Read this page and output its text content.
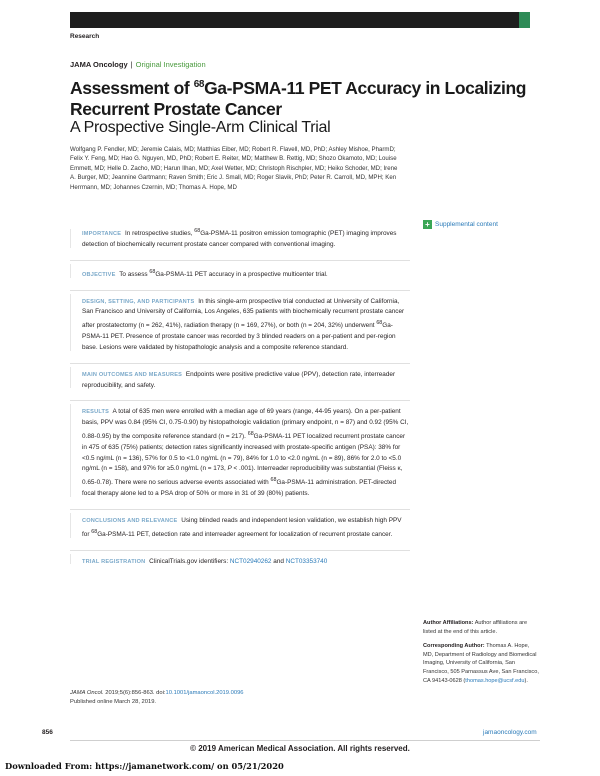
Research
JAMA Oncology | Original Investigation
Assessment of $^{68}$Ga-PSMA-11 PET Accuracy in Localizing
Recurrent Prostate Cancer
A Prospective Single-Arm Clinical Trial
Wolfgang P. Fendler, MD; Jeremie Calais, MD; Matthias Eiber, MD; Robert R. Flavell, MD, PhD; Ashley Mishoe, PharmD; Felix Y. Feng, MD; Hao G. Nguyen, MD, PhD; Robert E. Reiter, MD; Matthew B. Rettig, MD; Shozo Okamoto, MD; Louise Emmett, MD; Helle D. Zacho, MD; Harun Ilhan, MD; Axel Wetter, MD; Christoph Rischpler, MD; Heiko Schoder, MD; Irene A. Burger, MD; Jeannine Gartmann; Raven Smith; Eric J. Small, MD; Roger Slavik, PhD; Peter R. Carroll, MD, MPH; Ken Herrmann, MD; Johannes Czernin, MD; Thomas A. Hope, MD
+ Supplemental content

IMPORTANCE In retrospective studies, $^{68}$Ga-PSMA-11 positron emission tomographic (PET) imaging improves detection of biochemically recurrent prostate cancer compared with conventional imaging.

OBJECTIVE To assess $^{68}$Ga-PSMA-11 PET accuracy in a prospective multicenter trial.

DESIGN, SETTING, AND PARTICIPANTS In this single-arm prospective trial conducted at University of California, San Francisco and University of California, Los Angeles, 635 patients with biochemically recurrent prostate cancer after prostatectomy (n = 262, 41%), radiation therapy (n = 169, 27%), or both (n = 204, 32%) underwent $^{68}$Ga-PSMA-11 PET. Presence of prostate cancer was recorded by 3 blinded readers on a per-patient and per-region base. Lesions were validated by histopathologic analysis and a composite reference standard.

MAIN OUTCOMES AND MEASURES Endpoints were positive predictive value (PPV), detection rate, interreader reproducibility, and safety.

RESULTS A total of 635 men were enrolled with a median age of 69 years (range, 44-95 years). On a per-patient basis, PPV was 0.84 (95% CI, 0.75-0.90) by histopathologic validation (primary endpoint, n = 87) and 0.92 (95% CI, 0.88-0.95) by the composite reference standard (n = 217). $^{68}$Ga-PSMA-11 PET localized recurrent prostate cancer in 475 of 635 (75%) patients; detection rates significantly increased with prostate-specific antigen (PSA): 38% for <0.5 ng/mL (n = 136), 57% for 0.5 to <1.0 ng/mL (n = 79), 84% for 1.0 to <2.0 ng/mL (n = 89), 86% for 2.0 to <5.0 ng/mL (n = 158), and 97% for ≥5.0 ng/mL (n = 173, P < .001). Interreader reproducibility was substantial (Fleiss κ, 0.65-0.78). There were no serious adverse events associated with $^{68}$Ga-PSMA-11 administration. PET-directed focal therapy alone led to a PSA drop of 50% or more in 31 of 39 (80%) patients.

CONCLUSIONS AND RELEVANCE Using blinded reads and independent lesion validation, we establish high PPV for $^{68}$Ga-PSMA-11 PET, detection rate and interreader agreement for localization of recurrent prostate cancer.

TRIAL REGISTRATION ClinicalTrials.gov identifiers: NCT02940262 and NCT03353740

Author Affiliations: Author affiliations are listed at the end of this article.

Corresponding Author: Thomas A. Hope, MD, Department of Radiology and Biomedical Imaging, University of California, San Francisco, 505 Parnassus Ave, San Francisco, CA 94143-0628 (thomas.hope@ucsf.edu).

JAMA Oncol. 2019;5(6):856-863. doi:10.1001/jamaoncol.2019.0096
Published online March 28, 2019.
856	jamaoncology.com
© 2019 American Medical Association. All rights reserved.
Downloaded From: https://jamanetwork.com/ on 05/21/2020
